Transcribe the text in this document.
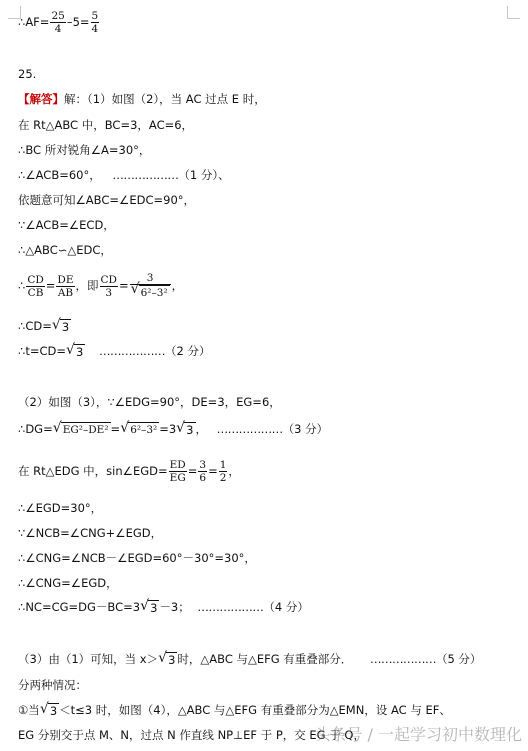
∴AF= $\frac{25}{4} -5= \frac{5}{4}$
25.
【解答】解：（1）如图（2），当 AC 过点 E 时，
在 Rt△ABC 中，BC=3，AC=6，
∴BC 所对锐角∠A=30°，
∴∠ACB=60°， ………………（1 分）、
依题意可知∠ABC=∠EDC=90°，
∵∠ACB=∠ECD，
∴△ABC∽△EDC，
∴ $\frac{CD}{CB} = \frac{DE}{AB}$ ，即 $\frac{CD}{3} = 3$
√ 6²–3² ，
∴CD= √ 3
∴t=CD= √ 3 ………………（2 分）
（2）如图（3），∵∠EDG=90°，DE=3，EG=6，
∴DG= √ EG²–DE² = √ 6²–3² =3 √ 3 ， ………………（3 分）
在 Rt△EDG 中，sin∠EGD= $\frac{ED}{EG} = \frac{3}{6} = \frac{1}{2}$ ，
∴∠EGD=30°，
∵∠NCB=∠CNG+∠EGD，
∴∠CNG=∠NCB－∠EGD=60°－30°=30°，
∴∠CNG=∠EGD，
∴NC=CG=DG－BC=3 √ 3 －3； ………………（4 分）
（3）由（1）可知，当 x＞ √ 3 时，△ABC 与△EFG 有重叠部分． ………………（5 分）
分两种情况：
①当 √ 3 ＜t≤3 时，如图（4），△ABC 与△EFG 有重叠部分为△EMN，设 AC 与 EF、
EG 分别交于点 M、N，过点 N 作直线 NP⊥EF 于 P，交 EG 于 Q，
头条号 / 一起学习初中数理化
